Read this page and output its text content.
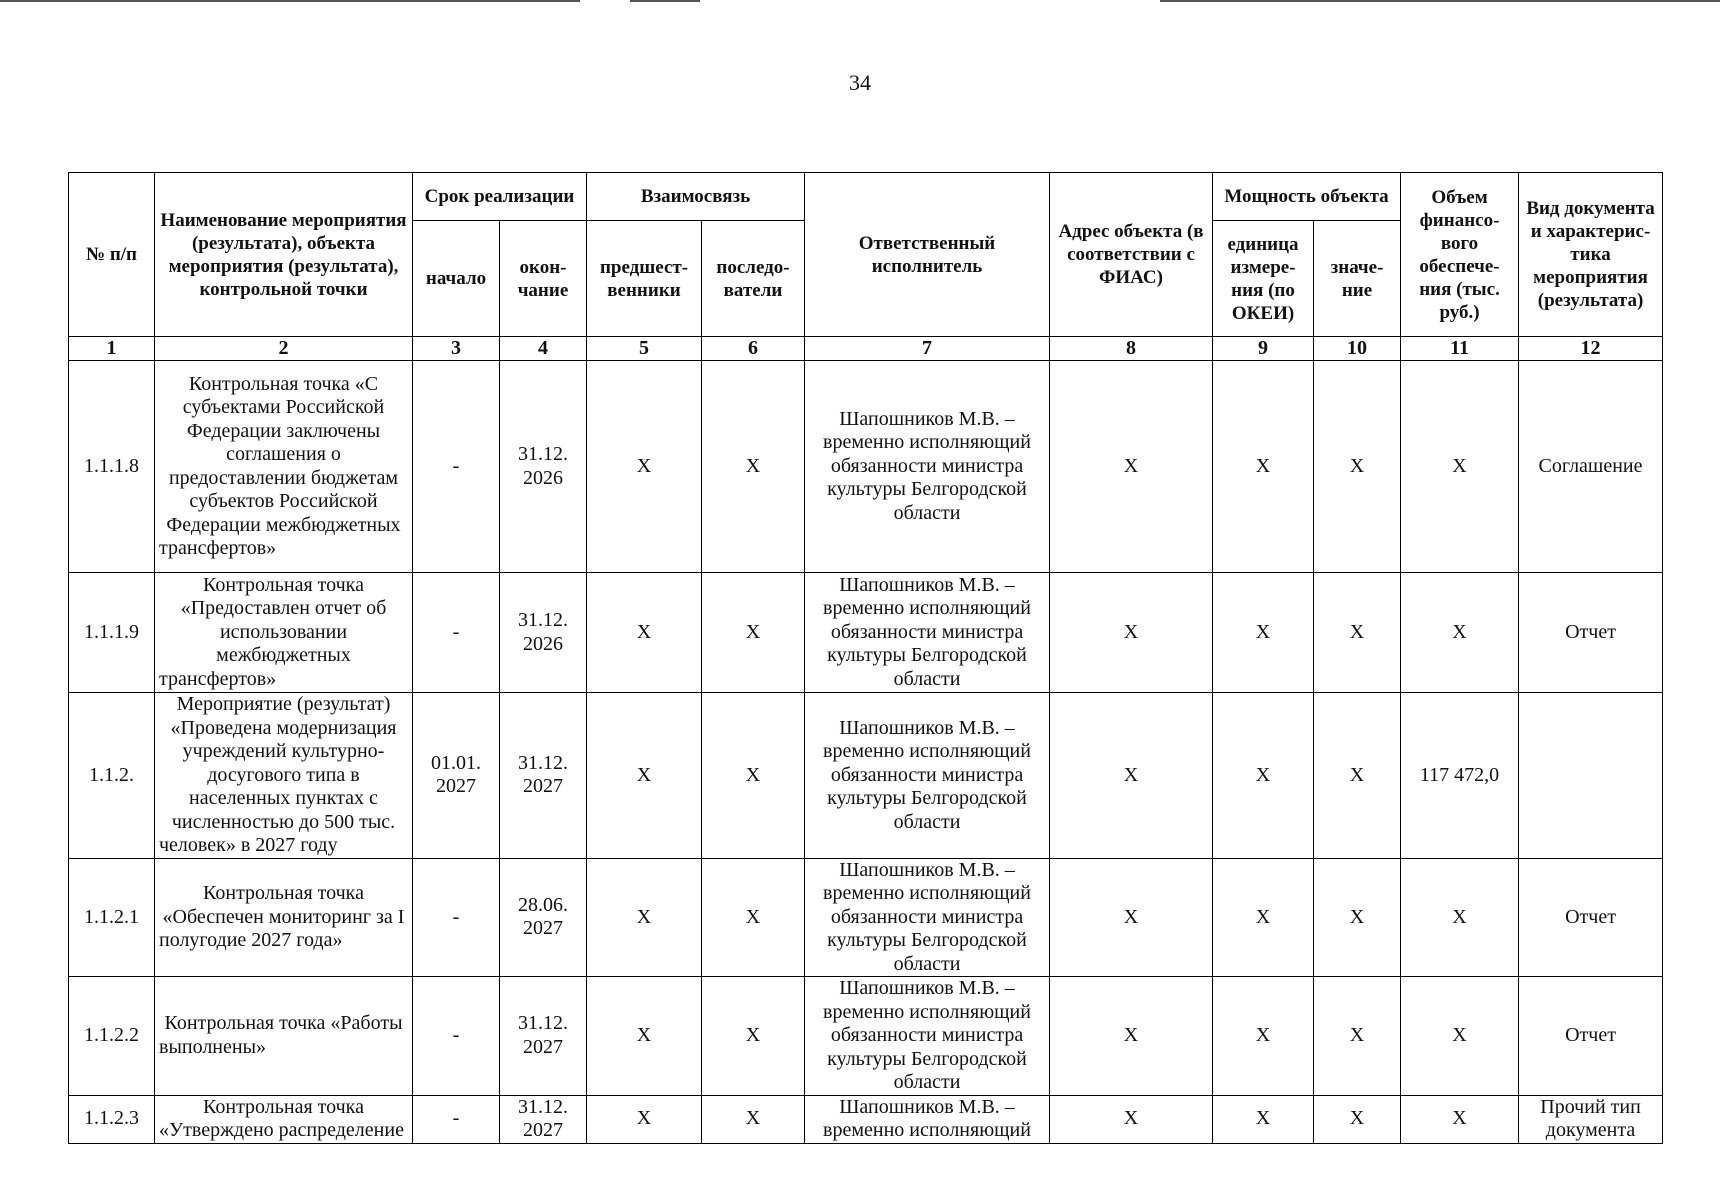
34
№ п/п	Наименование мероприятия (результата), объекта мероприятия (результата), контрольной точки	Срок реализации		Взаимосвязь		Ответственный исполнитель	Адрес объекта (в соответствии с ФИАС)	Мощность объекта		Объем финансо-вого обеспече-ния (тыс. руб.)	Вид документа и характерис-тика мероприятия (результата)
		начало	окон-чание	предшест-венники	последо-ватели			единица измере-ния (по ОКЕИ)	значе-ние		
1	2	3	4	5	6	7	8	9	10	11	12
1.1.1.8	Контрольная точка «С субъектами Российской Федерации заключены соглашения о предоставлении бюджетам субъектов Российской Федерации межбюджетных трансфертов»	-	31.12. 2026	Х	Х	Шапошников М.В. – временно исполняющий обязанности министра культуры Белгородской области	Х	Х	Х	Х	Соглашение
1.1.1.9	Контрольная точка «Предоставлен отчет об использовании межбюджетных трансфертов»	-	31.12. 2026	Х	Х	Шапошников М.В. – временно исполняющий обязанности министра культуры Белгородской области	Х	Х	Х	Х	Отчет
1.1.2.	Мероприятие (результат) «Проведена модернизация учреждений культурно-досугового типа в населенных пунктах с численностью до 500 тыс. человек» в 2027 году	01.01. 2027	31.12. 2027	Х	Х	Шапошников М.В. – временно исполняющий обязанности министра культуры Белгородской области	Х	Х	Х	117 472,0	
1.1.2.1	Контрольная точка «Обеспечен мониторинг за I полугодие 2027 года»	-	28.06. 2027	Х	Х	Шапошников М.В. – временно исполняющий обязанности министра культуры Белгородской области	Х	Х	Х	Х	Отчет
1.1.2.2	Контрольная точка «Работы выполнены»	-	31.12. 2027	Х	Х	Шапошников М.В. – временно исполняющий обязанности министра культуры Белгородской области	Х	Х	Х	Х	Отчет
1.1.2.3	Контрольная точка «Утверждено распределение	-	31.12. 2027	Х	Х	Шапошников М.В. – временно исполняющий	Х	Х	Х	Х	Прочий тип документа
